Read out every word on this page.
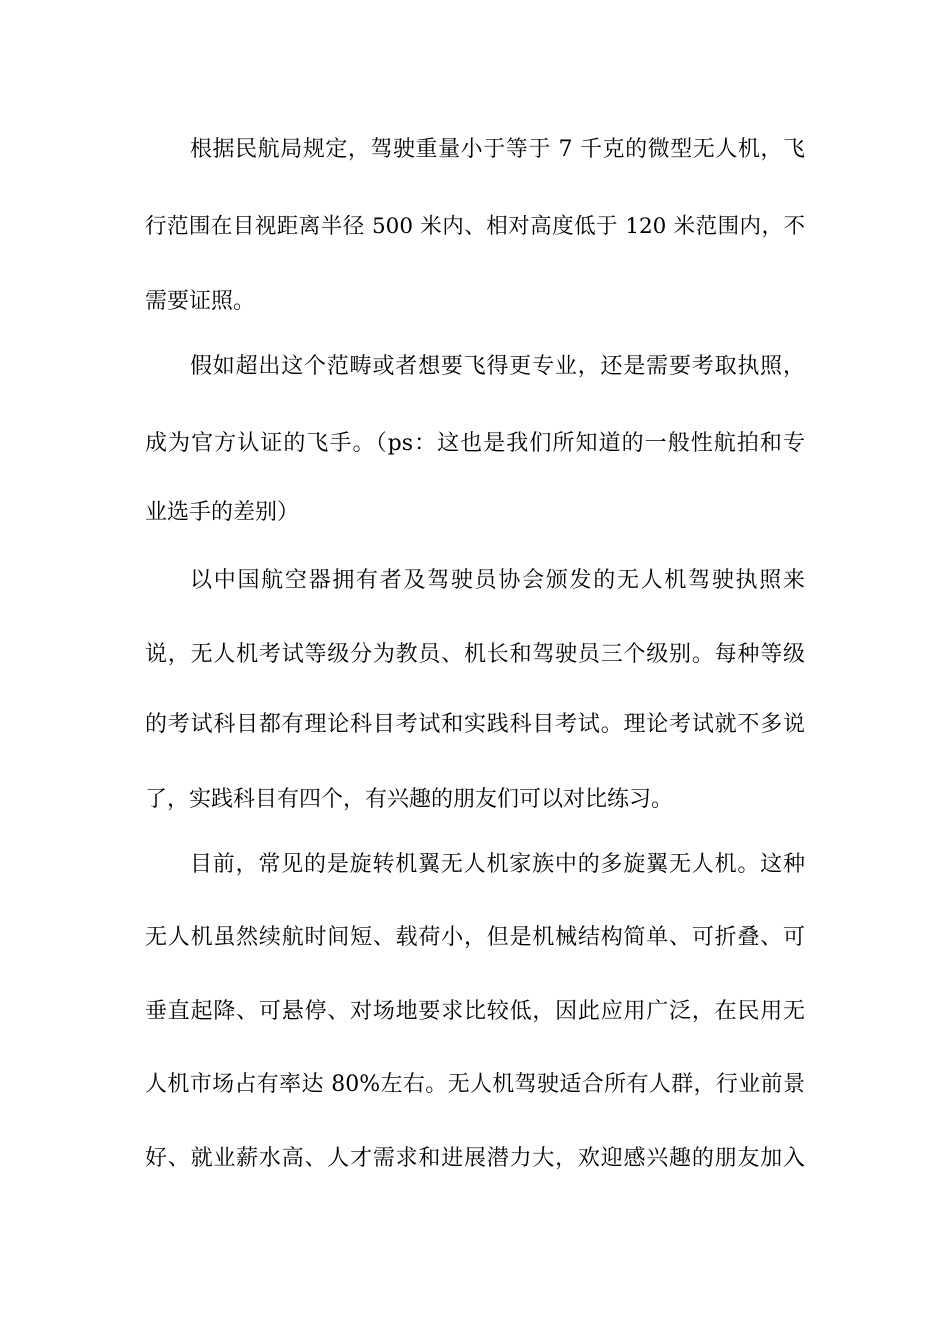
根据民航局规定，驾驶重量小于等于 7 千克的微型无人机，飞
行范围在目视距离半径 500 米内、相对高度低于 120 米范围内，不
需要证照。
假如超出这个范畴或者想要飞得更专业，还是需要考取执照，
成为官方认证的飞手。（ps：这也是我们所知道的一般性航拍和专
业选手的差别）
以中国航空器拥有者及驾驶员协会颁发的无人机驾驶执照来
说，无人机考试等级分为教员、机长和驾驶员三个级别。每种等级
的考试科目都有理论科目考试和实践科目考试。理论考试就不多说
了，实践科目有四个，有兴趣的朋友们可以对比练习。
目前，常见的是旋转机翼无人机家族中的多旋翼无人机。这种
无人机虽然续航时间短、载荷小，但是机械结构简单、可折叠、可
垂直起降、可悬停、对场地要求比较低，因此应用广泛，在民用无
人机市场占有率达 80%左右。无人机驾驶适合所有人群，行业前景
好、就业薪水高、人才需求和进展潜力大，欢迎感兴趣的朋友加入
